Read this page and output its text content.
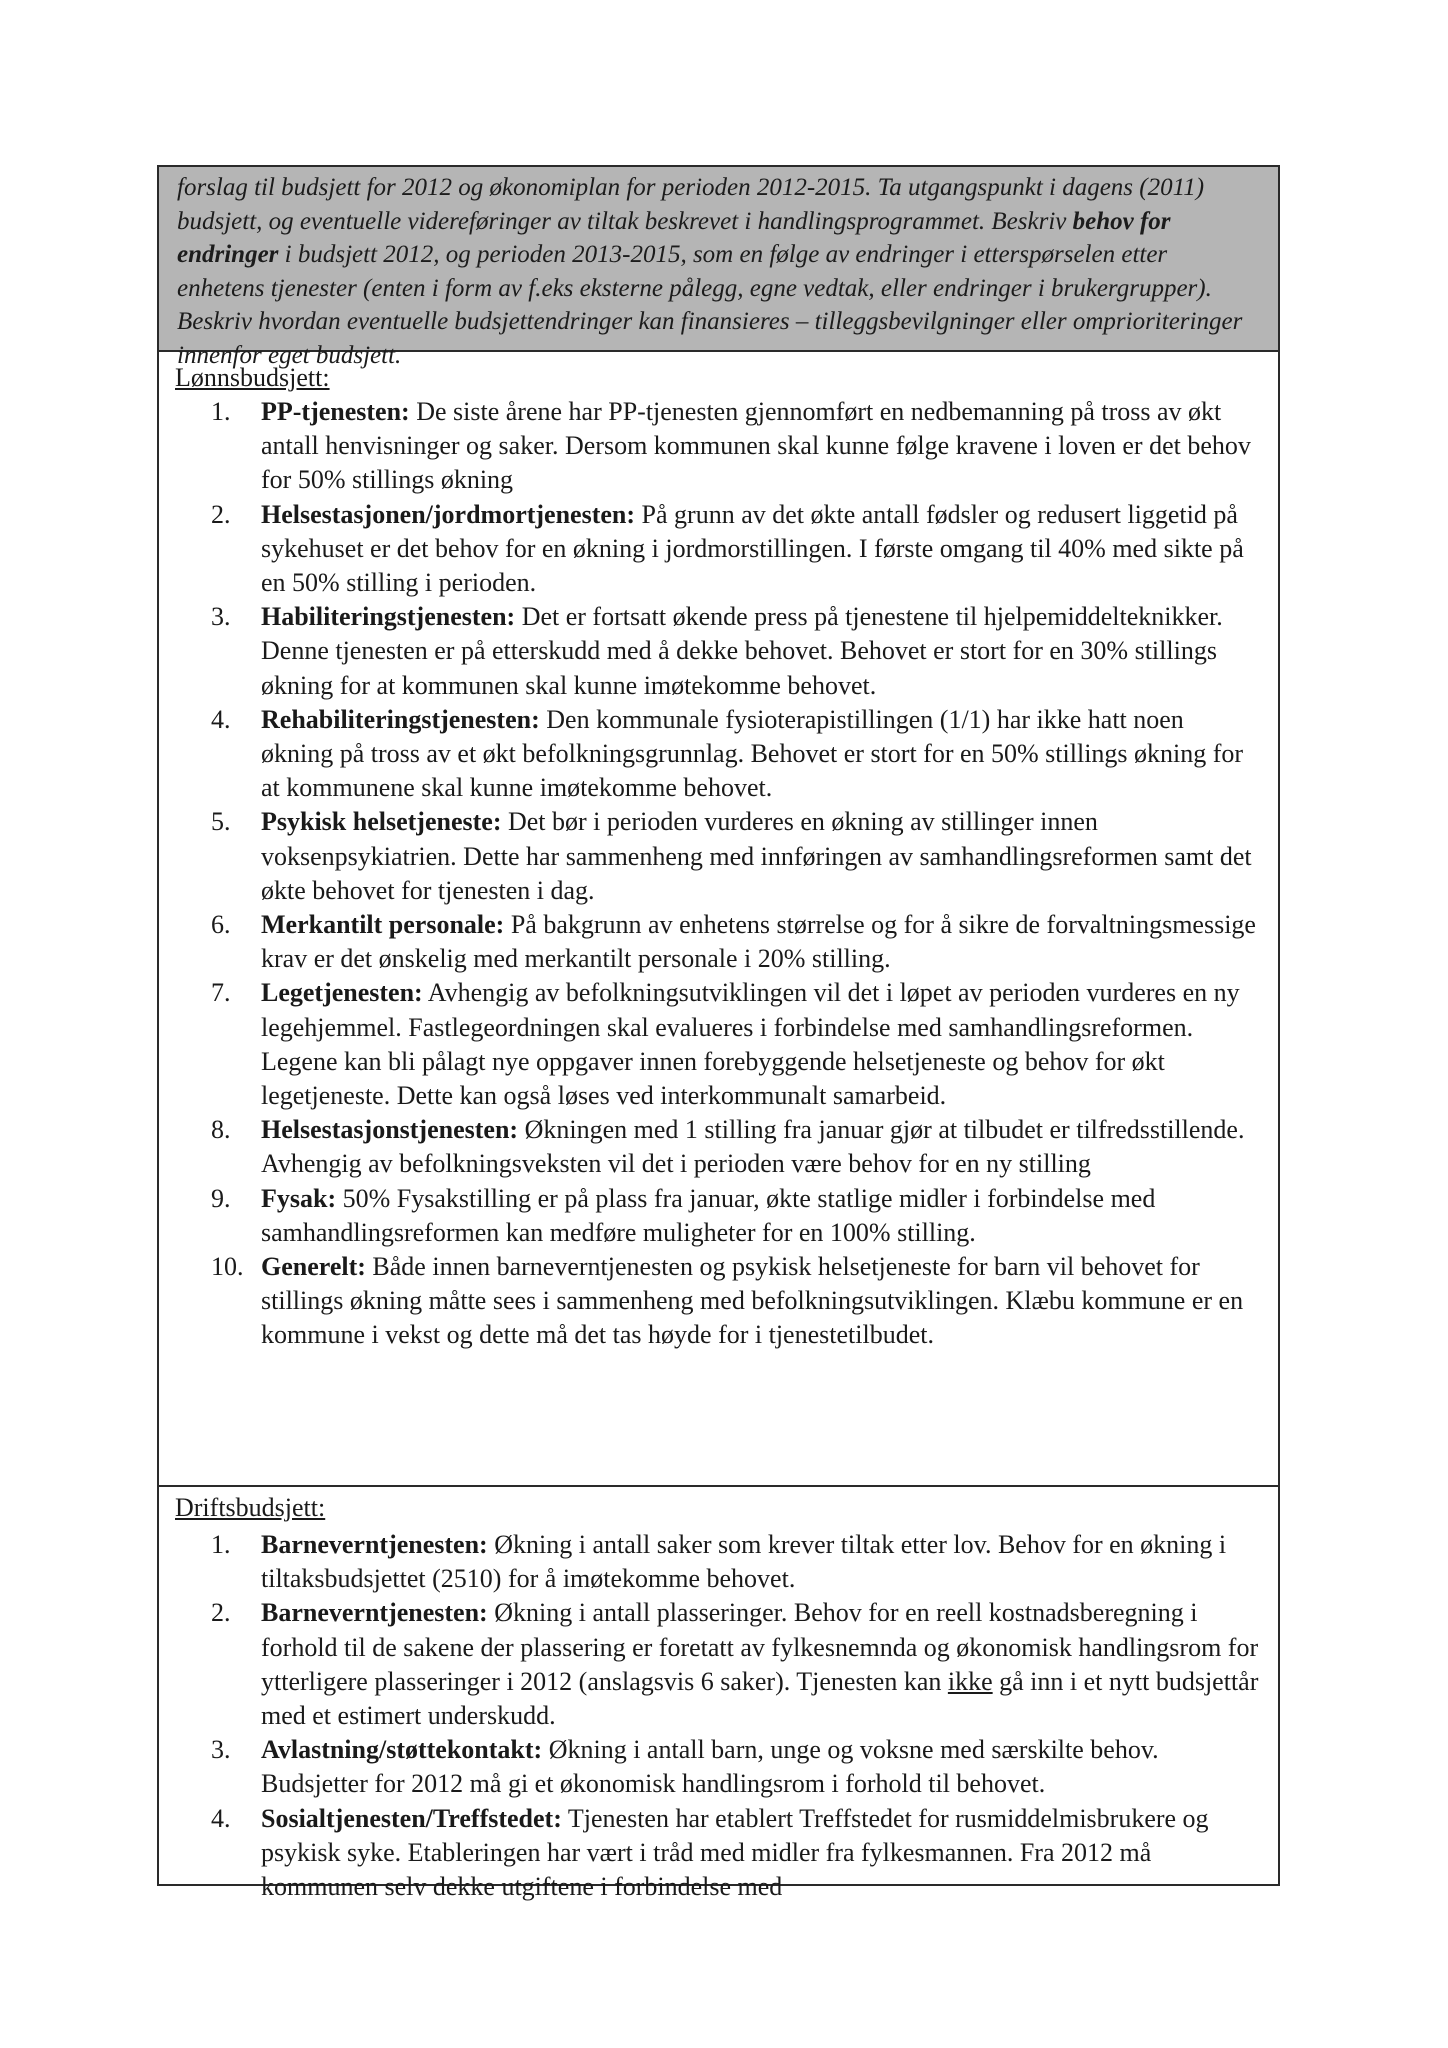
forslag til budsjett for 2012 og økonomiplan for perioden 2012-2015. Ta utgangspunkt i dagens (2011) budsjett, og eventuelle videreføringer av tiltak beskrevet i handlingsprogrammet. Beskriv behov for endringer i budsjett 2012, og perioden 2013-2015, som en følge av endringer i etterspørselen etter enhetens tjenester (enten i form av f.eks eksterne pålegg, egne vedtak, eller endringer i brukergrupper). Beskriv hvordan eventuelle budsjettendringer kan finansieres – tilleggsbevilgninger eller omprioriteringer innenfor eget budsjett.
Lønnsbudsjett:
1.	PP-tjenesten: De siste årene har PP-tjenesten gjennomført en nedbemanning på tross av økt antall henvisninger og saker. Dersom kommunen skal kunne følge kravene i loven er det behov for 50% stillings økning
2.	Helsestasjonen/jordmortjenesten: På grunn av det økte antall fødsler og redusert liggetid på sykehuset er det behov for en økning i jordmorstillingen. I første omgang til 40% med sikte på en 50% stilling i perioden.
3.	Habiliteringstjenesten: Det er fortsatt økende press på tjenestene til hjelpemiddelteknikker. Denne tjenesten er på etterskudd med å dekke behovet. Behovet er stort for en 30% stillings økning for at kommunen skal kunne imøtekomme behovet.
4.	Rehabiliteringstjenesten: Den kommunale fysioterapistillingen (1/1) har ikke hatt noen økning på tross av et økt befolkningsgrunnlag. Behovet er stort for en 50% stillings økning for at kommunene skal kunne imøtekomme behovet.
5.	Psykisk helsetjeneste: Det bør i perioden vurderes en økning av stillinger innen voksenpsykiatrien. Dette har sammenheng med innføringen av samhandlingsreformen samt det økte behovet for tjenesten i dag.
6.	Merkantilt personale: På bakgrunn av enhetens størrelse og for å sikre de forvaltningsmessige krav er det ønskelig med merkantilt personale i 20% stilling.
7.	Legetjenesten: Avhengig av befolkningsutviklingen vil det i løpet av perioden vurderes en ny legehjemmel. Fastlegeordningen skal evalueres i forbindelse med samhandlingsreformen. Legene kan bli pålagt nye oppgaver innen forebyggende helsetjeneste og behov for økt legetjeneste. Dette kan også løses ved interkommunalt samarbeid.
8.	Helsestasjonstjenesten: Økningen med 1 stilling fra januar gjør at tilbudet er tilfredsstillende. Avhengig av befolkningsveksten vil det i perioden være behov for en ny stilling
9.	Fysak: 50% Fysakstilling er på plass fra januar, økte statlige midler i forbindelse med samhandlingsreformen kan medføre muligheter for en 100% stilling.
10. Generelt: Både innen barneverntjenesten og psykisk helsetjeneste for barn vil behovet for stillings økning måtte sees i sammenheng med befolkningsutviklingen. Klæbu kommune er en kommune i vekst og dette må det tas høyde for i tjenestetilbudet.
Driftsbudsjett:
1.	Barneverntjenesten: Økning i antall saker som krever tiltak etter lov. Behov for en økning i tiltaksbudsjettet (2510) for å imøtekomme behovet.
2.	Barneverntjenesten: Økning i antall plasseringer. Behov for en reell kostnadsberegning i forhold til de sakene der plassering er foretatt av fylkesnemnda og økonomisk handlingsrom for ytterligere plasseringer i 2012 (anslagsvis 6 saker). Tjenesten kan ikke gå inn i et nytt budsjettår med et estimert underskudd.
3.	Avlastning/støttekontakt: Økning i antall barn, unge og voksne med særskilte behov. Budsjetter for 2012 må gi et økonomisk handlingsrom i forhold til behovet.
4.	Sosialtjenesten/Treffstedet: Tjenesten har etablert Treffstedet for rusmiddelmisbrukere og psykisk syke. Etableringen har vært i tråd med midler fra fylkesmannen. Fra 2012 må kommunen selv dekke utgiftene i forbindelse med
